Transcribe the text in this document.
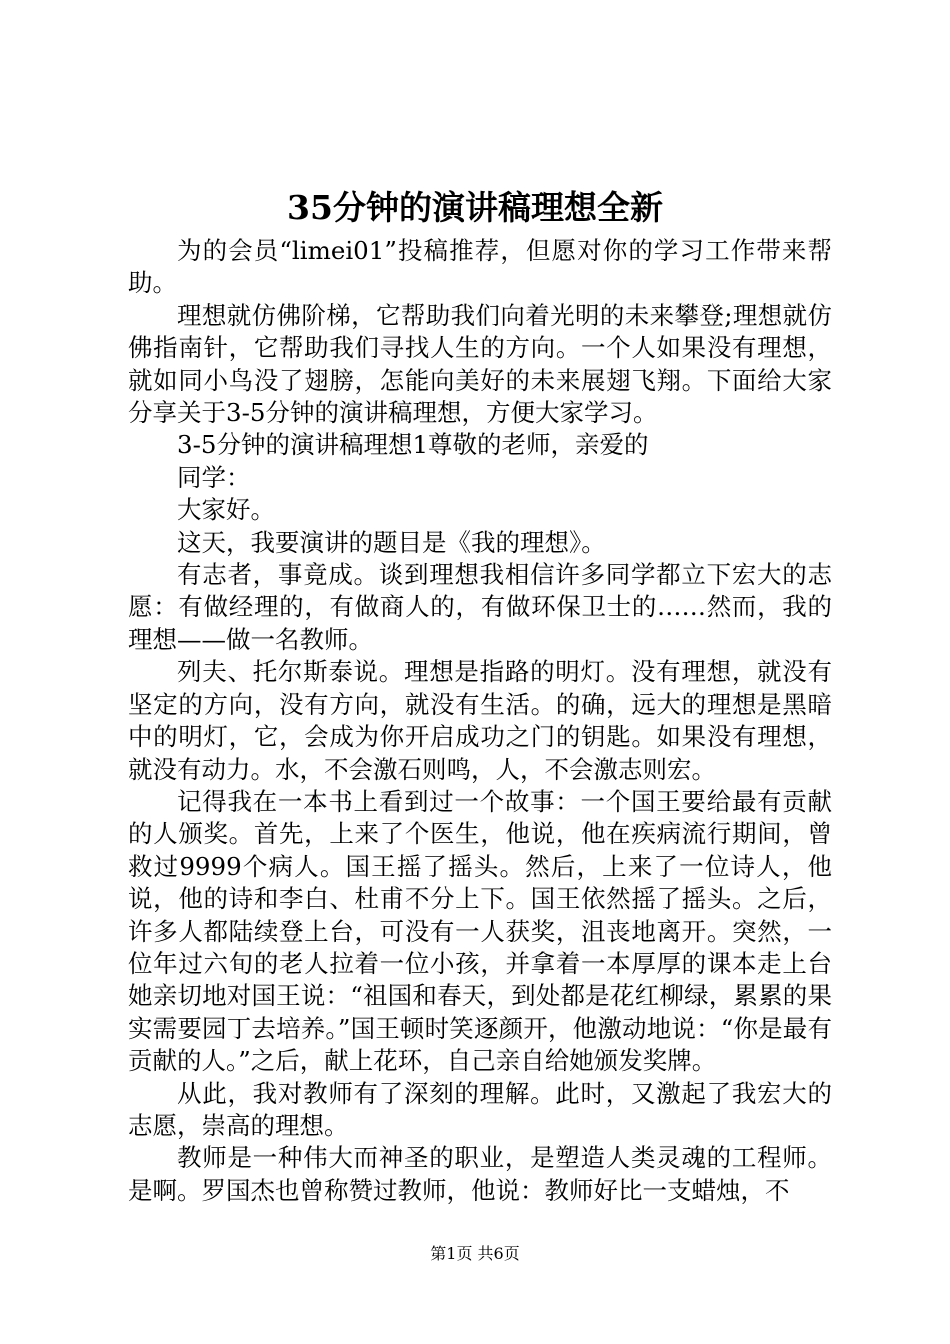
35分钟的演讲稿理想全新

为的会员“limei01”投稿推荐，但愿对你的学习工作带来帮助。

理想就仿佛阶梯，它帮助我们向着光明的未来攀登;理想就仿佛指南针，它帮助我们寻找人生的方向。一个人如果没有理想，就如同小鸟没了翅膀，怎能向美好的未来展翅飞翔。下面给大家分享关于3-5分钟的演讲稿理想，方便大家学习。

3-5分钟的演讲稿理想1尊敬的老师，亲爱的

同学：

大家好。

这天，我要演讲的题目是《我的理想》。

有志者，事竟成。谈到理想我相信许多同学都立下宏大的志愿：有做经理的，有做商人的，有做环保卫士的……然而，我的理想——做一名教师。

列夫、托尔斯泰说。理想是指路的明灯。没有理想，就没有坚定的方向，没有方向，就没有生活。的确，远大的理想是黑暗中的明灯，它，会成为你开启成功之门的钥匙。如果没有理想，就没有动力。水，不会激石则鸣，人，不会激志则宏。

记得我在一本书上看到过一个故事：一个国王要给最有贡献的人颁奖。首先，上来了个医生，他说，他在疾病流行期间，曾救过9999个病人。国王摇了摇头。然后，上来了一位诗人，他说，他的诗和李白、杜甫不分上下。国王依然摇了摇头。之后，许多人都陆续登上台，可没有一人获奖，沮丧地离开。突然，一位年过六旬的老人拉着一位小孩，并拿着一本厚厚的课本走上台她亲切地对国王说：“祖国和春天，到处都是花红柳绿，累累的果实需要园丁去培养。”国王顿时笑逐颜开，他激动地说：“你是最有贡献的人。”之后，献上花环，自己亲自给她颁发奖牌。

从此，我对教师有了深刻的理解。此时，又激起了我宏大的志愿，崇高的理想。

教师是一种伟大而神圣的职业，是塑造人类灵魂的工程师。是啊。罗国杰也曾称赞过教师，他说：教师好比一支蜡烛，不

第1页 共6页
